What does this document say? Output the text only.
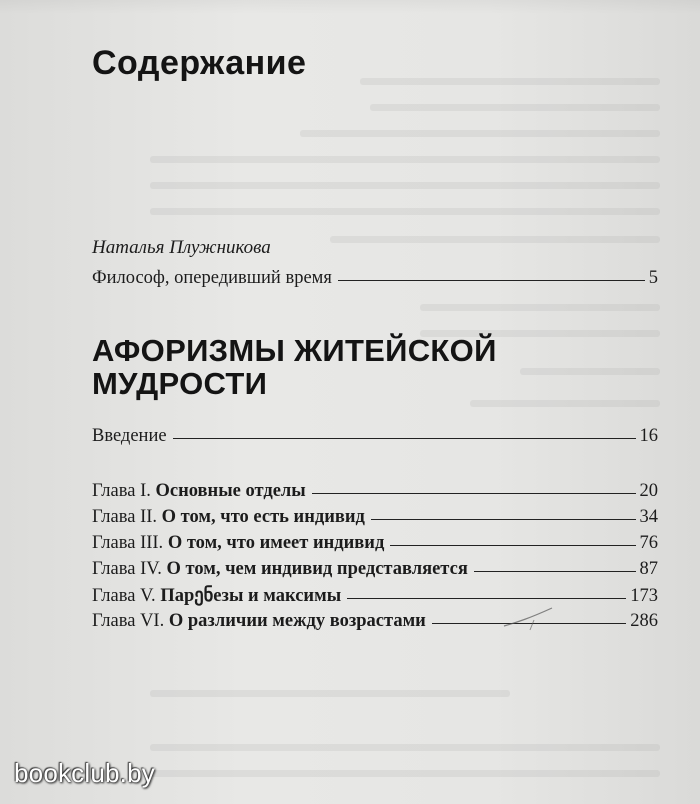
Содержание
Наталья Плужникова
Философ, опередивший время	5
АФОРИЗМЫ ЖИТЕЙСКОЙ
МУДРОСТИ
Введение	16
Глава I. Основные отделы	20
Глава II. О том, что есть индивид	34
Глава III. О том, что имеет индивид	76
Глава IV. О том, чем индивид представляется	87
Глава V. Парენезы и максимы	173
Глава VI. О различии между возрастами	286
bookclub.by
